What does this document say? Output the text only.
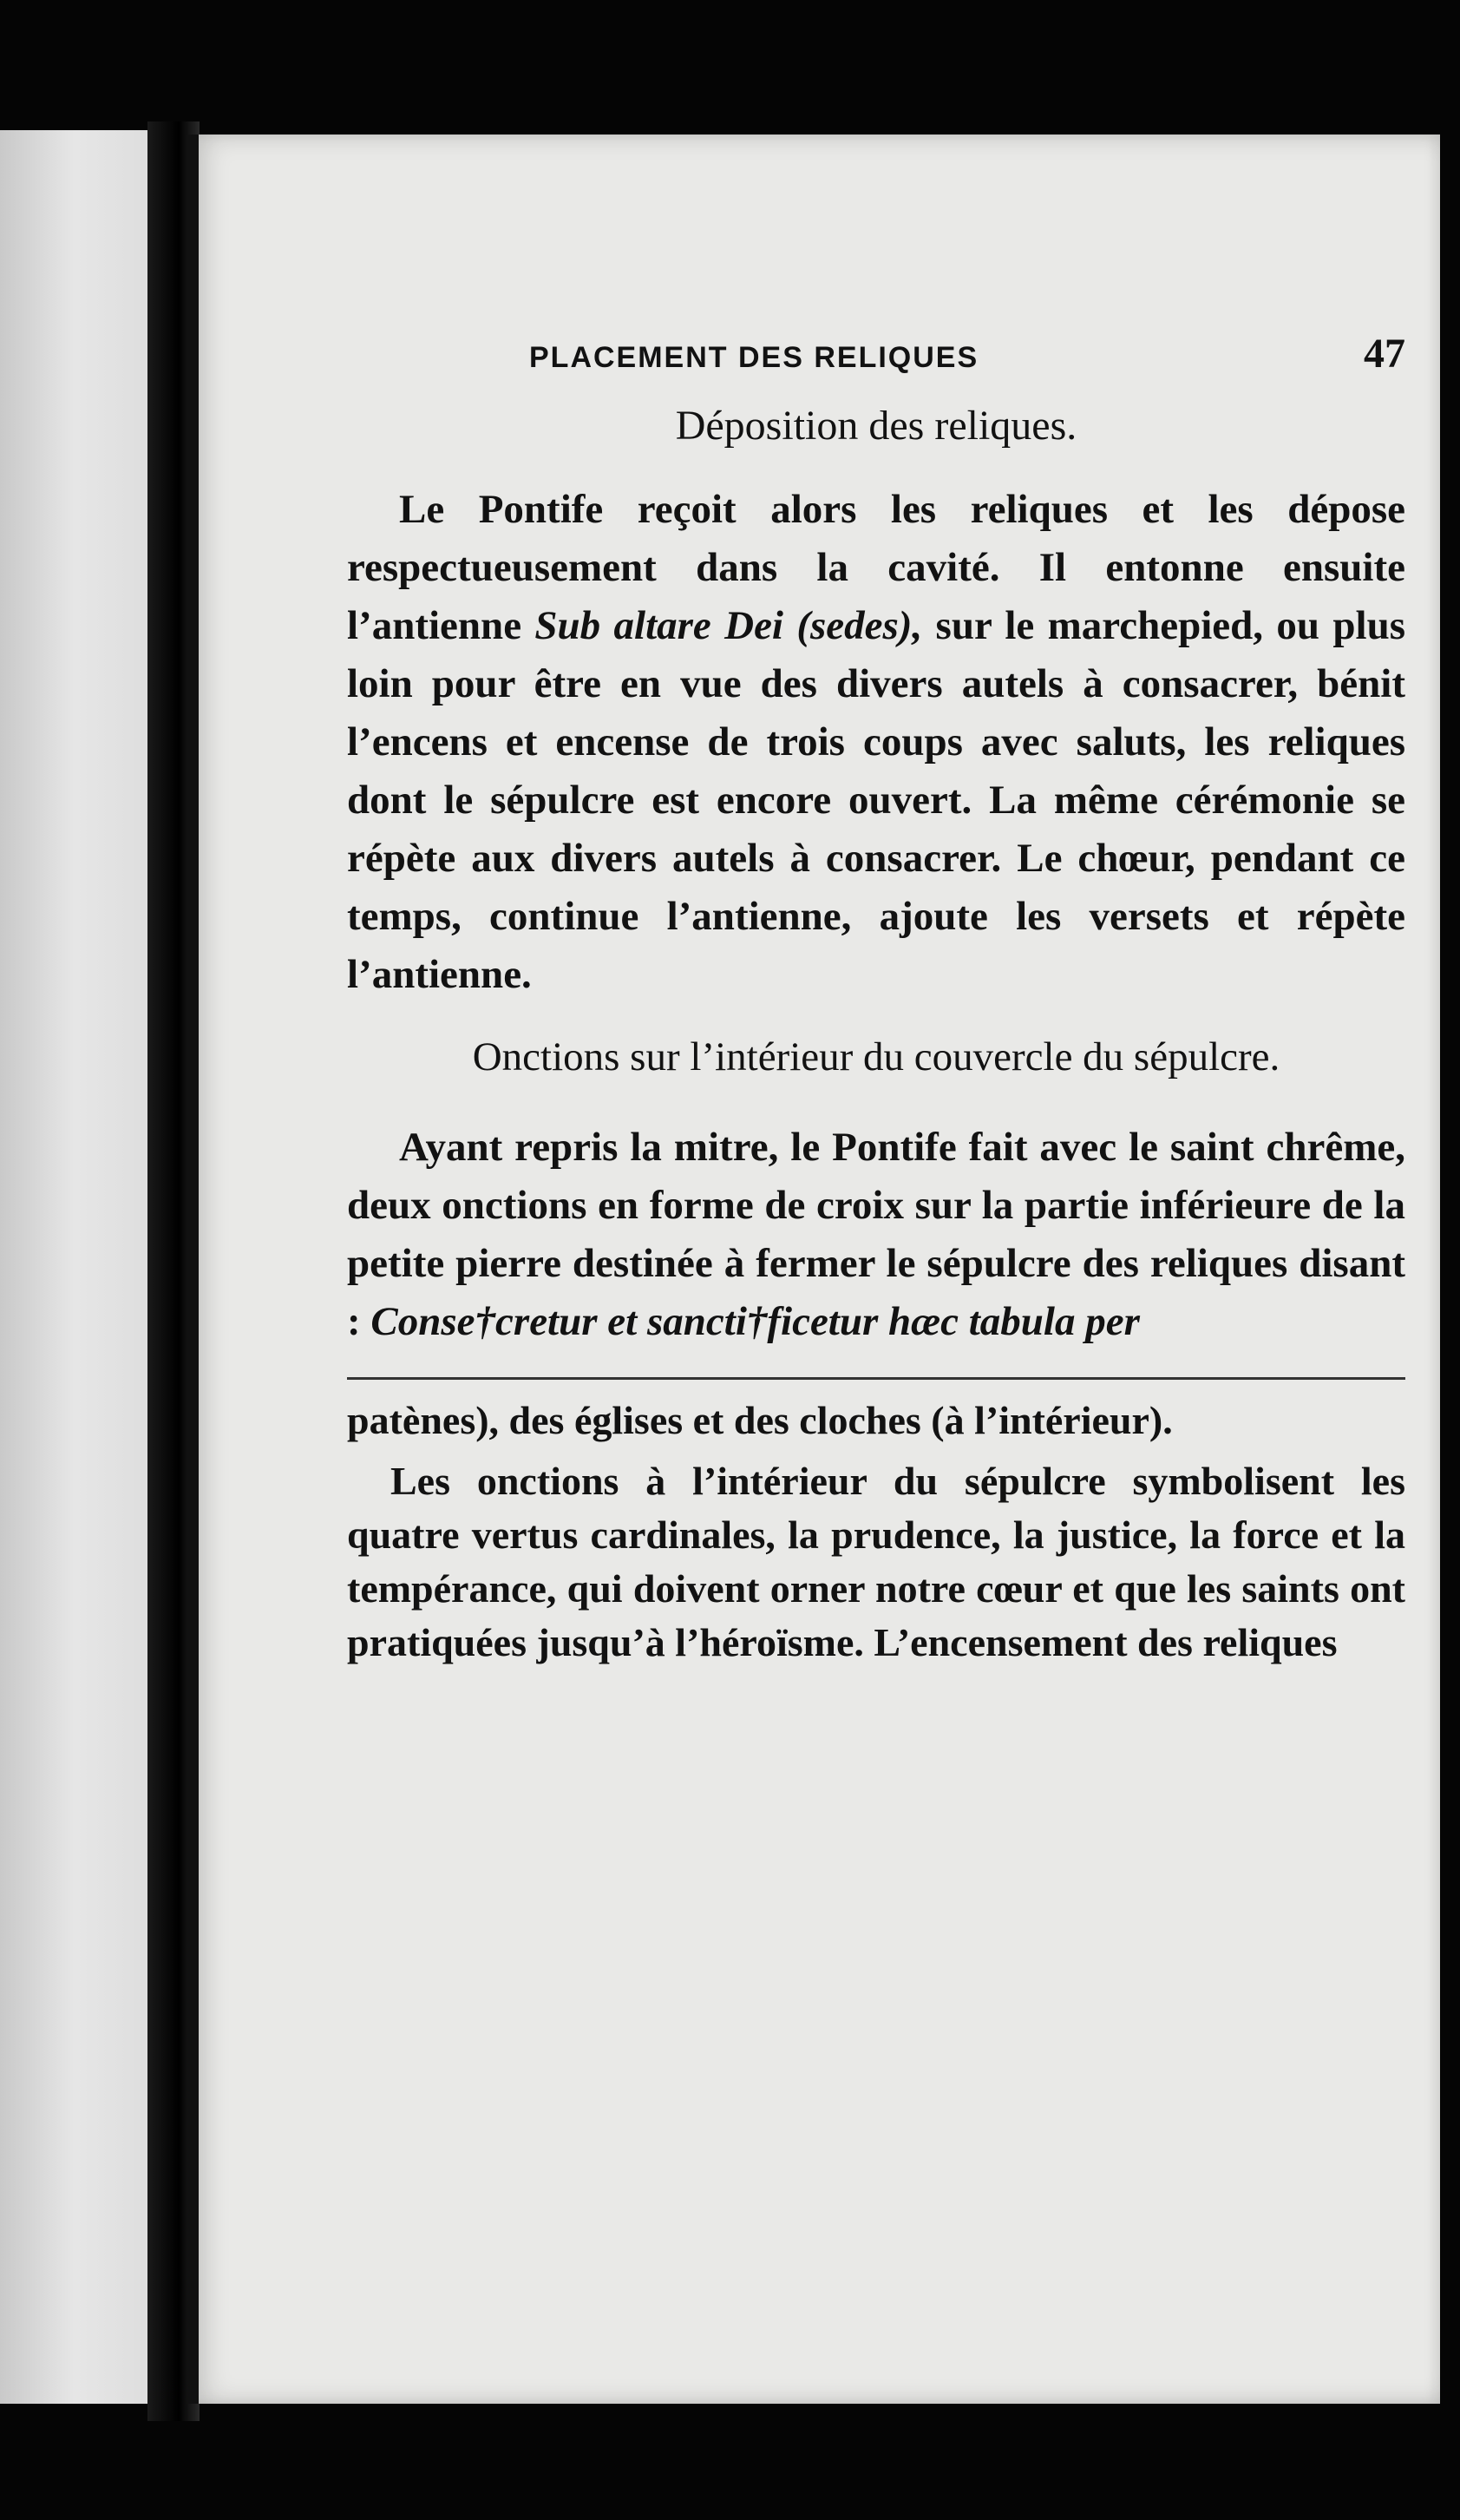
PLACEMENT DES RELIQUES	47
Déposition des reliques.

Le Pontife reçoit alors les reliques et les dépose respectueusement dans la cavité. Il entonne ensuite l’antienne Sub altare Dei (sedes), sur le marchepied, ou plus loin pour être en vue des divers autels à consacrer, bénit l’encens et encense de trois coups avec saluts, les reliques dont le sépulcre est encore ouvert. La même cérémonie se répète aux divers autels à consacrer. Le chœur, pendant ce temps, continue l’antienne, ajoute les versets et répète l’antienne.

Onctions sur l’intérieur du couvercle du sépulcre.

Ayant repris la mitre, le Pontife fait avec le saint chrême, deux onctions en forme de croix sur la partie inférieure de la petite pierre destinée à fermer le sépulcre des reliques disant : Conse†cretur et sancti†ficetur hæc tabula per

patènes), des églises et des cloches (à l’intérieur).

Les onctions à l’intérieur du sépulcre symbolisent les quatre vertus cardinales, la prudence, la justice, la force et la tempérance, qui doivent orner notre cœur et que les saints ont pratiquées jusqu’à l’héroïsme. L’encensement des reliques
